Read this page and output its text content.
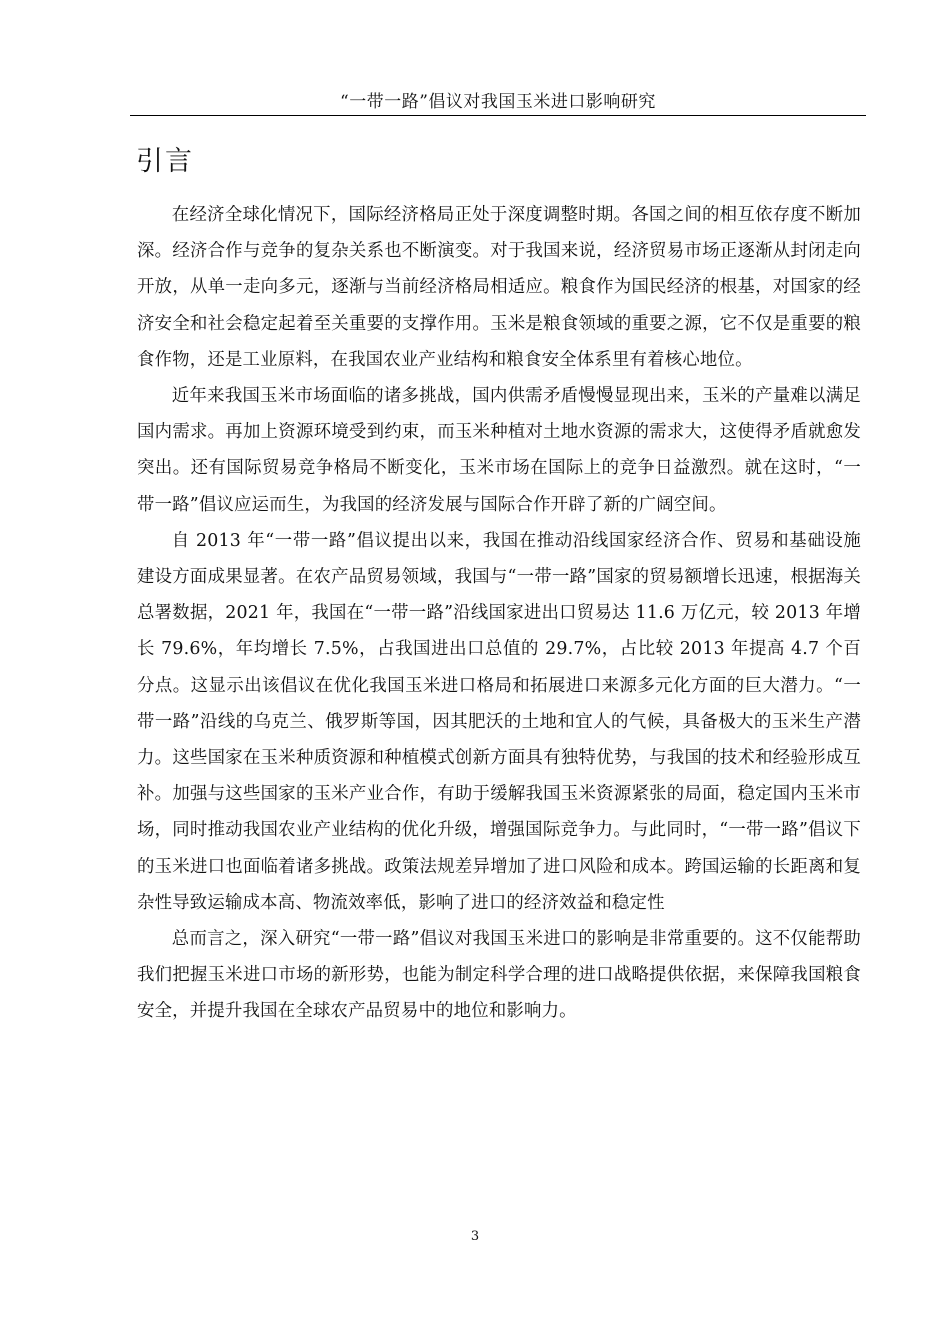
“一带一路”倡议对我国玉米进口影响研究
引言

在经济全球化情况下，国际经济格局正处于深度调整时期。各国之间的相互依存度不断加深。经济合作与竞争的复杂关系也不断演变。对于我国来说，经济贸易市场正逐渐从封闭走向开放，从单一走向多元，逐渐与当前经济格局相适应。粮食作为国民经济的根基，对国家的经济安全和社会稳定起着至关重要的支撑作用。玉米是粮食领域的重要之源，它不仅是重要的粮食作物，还是工业原料，在我国农业产业结构和粮食安全体系里有着核心地位。

近年来我国玉米市场面临的诸多挑战，国内供需矛盾慢慢显现出来，玉米的产量难以满足国内需求。再加上资源环境受到约束，而玉米种植对土地水资源的需求大，这使得矛盾就愈发突出。还有国际贸易竞争格局不断变化，玉米市场在国际上的竞争日益激烈。就在这时，“一带一路”倡议应运而生，为我国的经济发展与国际合作开辟了新的广阔空间。

自 2013 年“一带一路”倡议提出以来，我国在推动沿线国家经济合作、贸易和基础设施建设方面成果显著。在农产品贸易领域，我国与“一带一路”国家的贸易额增长迅速，根据海关总署数据，2021 年，我国在“一带一路”沿线国家进出口贸易达 11.6 万亿元，较 2013 年增长 79.6%，年均增长 7.5%，占我国进出口总值的 29.7%，占比较 2013 年提高 4.7 个百分点。这显示出该倡议在优化我国玉米进口格局和拓展进口来源多元化方面的巨大潜力。“一带一路”沿线的乌克兰、俄罗斯等国，因其肥沃的土地和宜人的气候，具备极大的玉米生产潜力。这些国家在玉米种质资源和种植模式创新方面具有独特优势，与我国的技术和经验形成互补。加强与这些国家的玉米产业合作，有助于缓解我国玉米资源紧张的局面，稳定国内玉米市场，同时推动我国农业产业结构的优化升级，增强国际竞争力。与此同时，“一带一路”倡议下的玉米进口也面临着诸多挑战。政策法规差异增加了进口风险和成本。跨国运输的长距离和复杂性导致运输成本高、物流效率低，影响了进口的经济效益和稳定性

总而言之，深入研究“一带一路”倡议对我国玉米进口的影响是非常重要的。这不仅能帮助我们把握玉米进口市场的新形势，也能为制定科学合理的进口战略提供依据，来保障我国粮食安全，并提升我国在全球农产品贸易中的地位和影响力。

3
